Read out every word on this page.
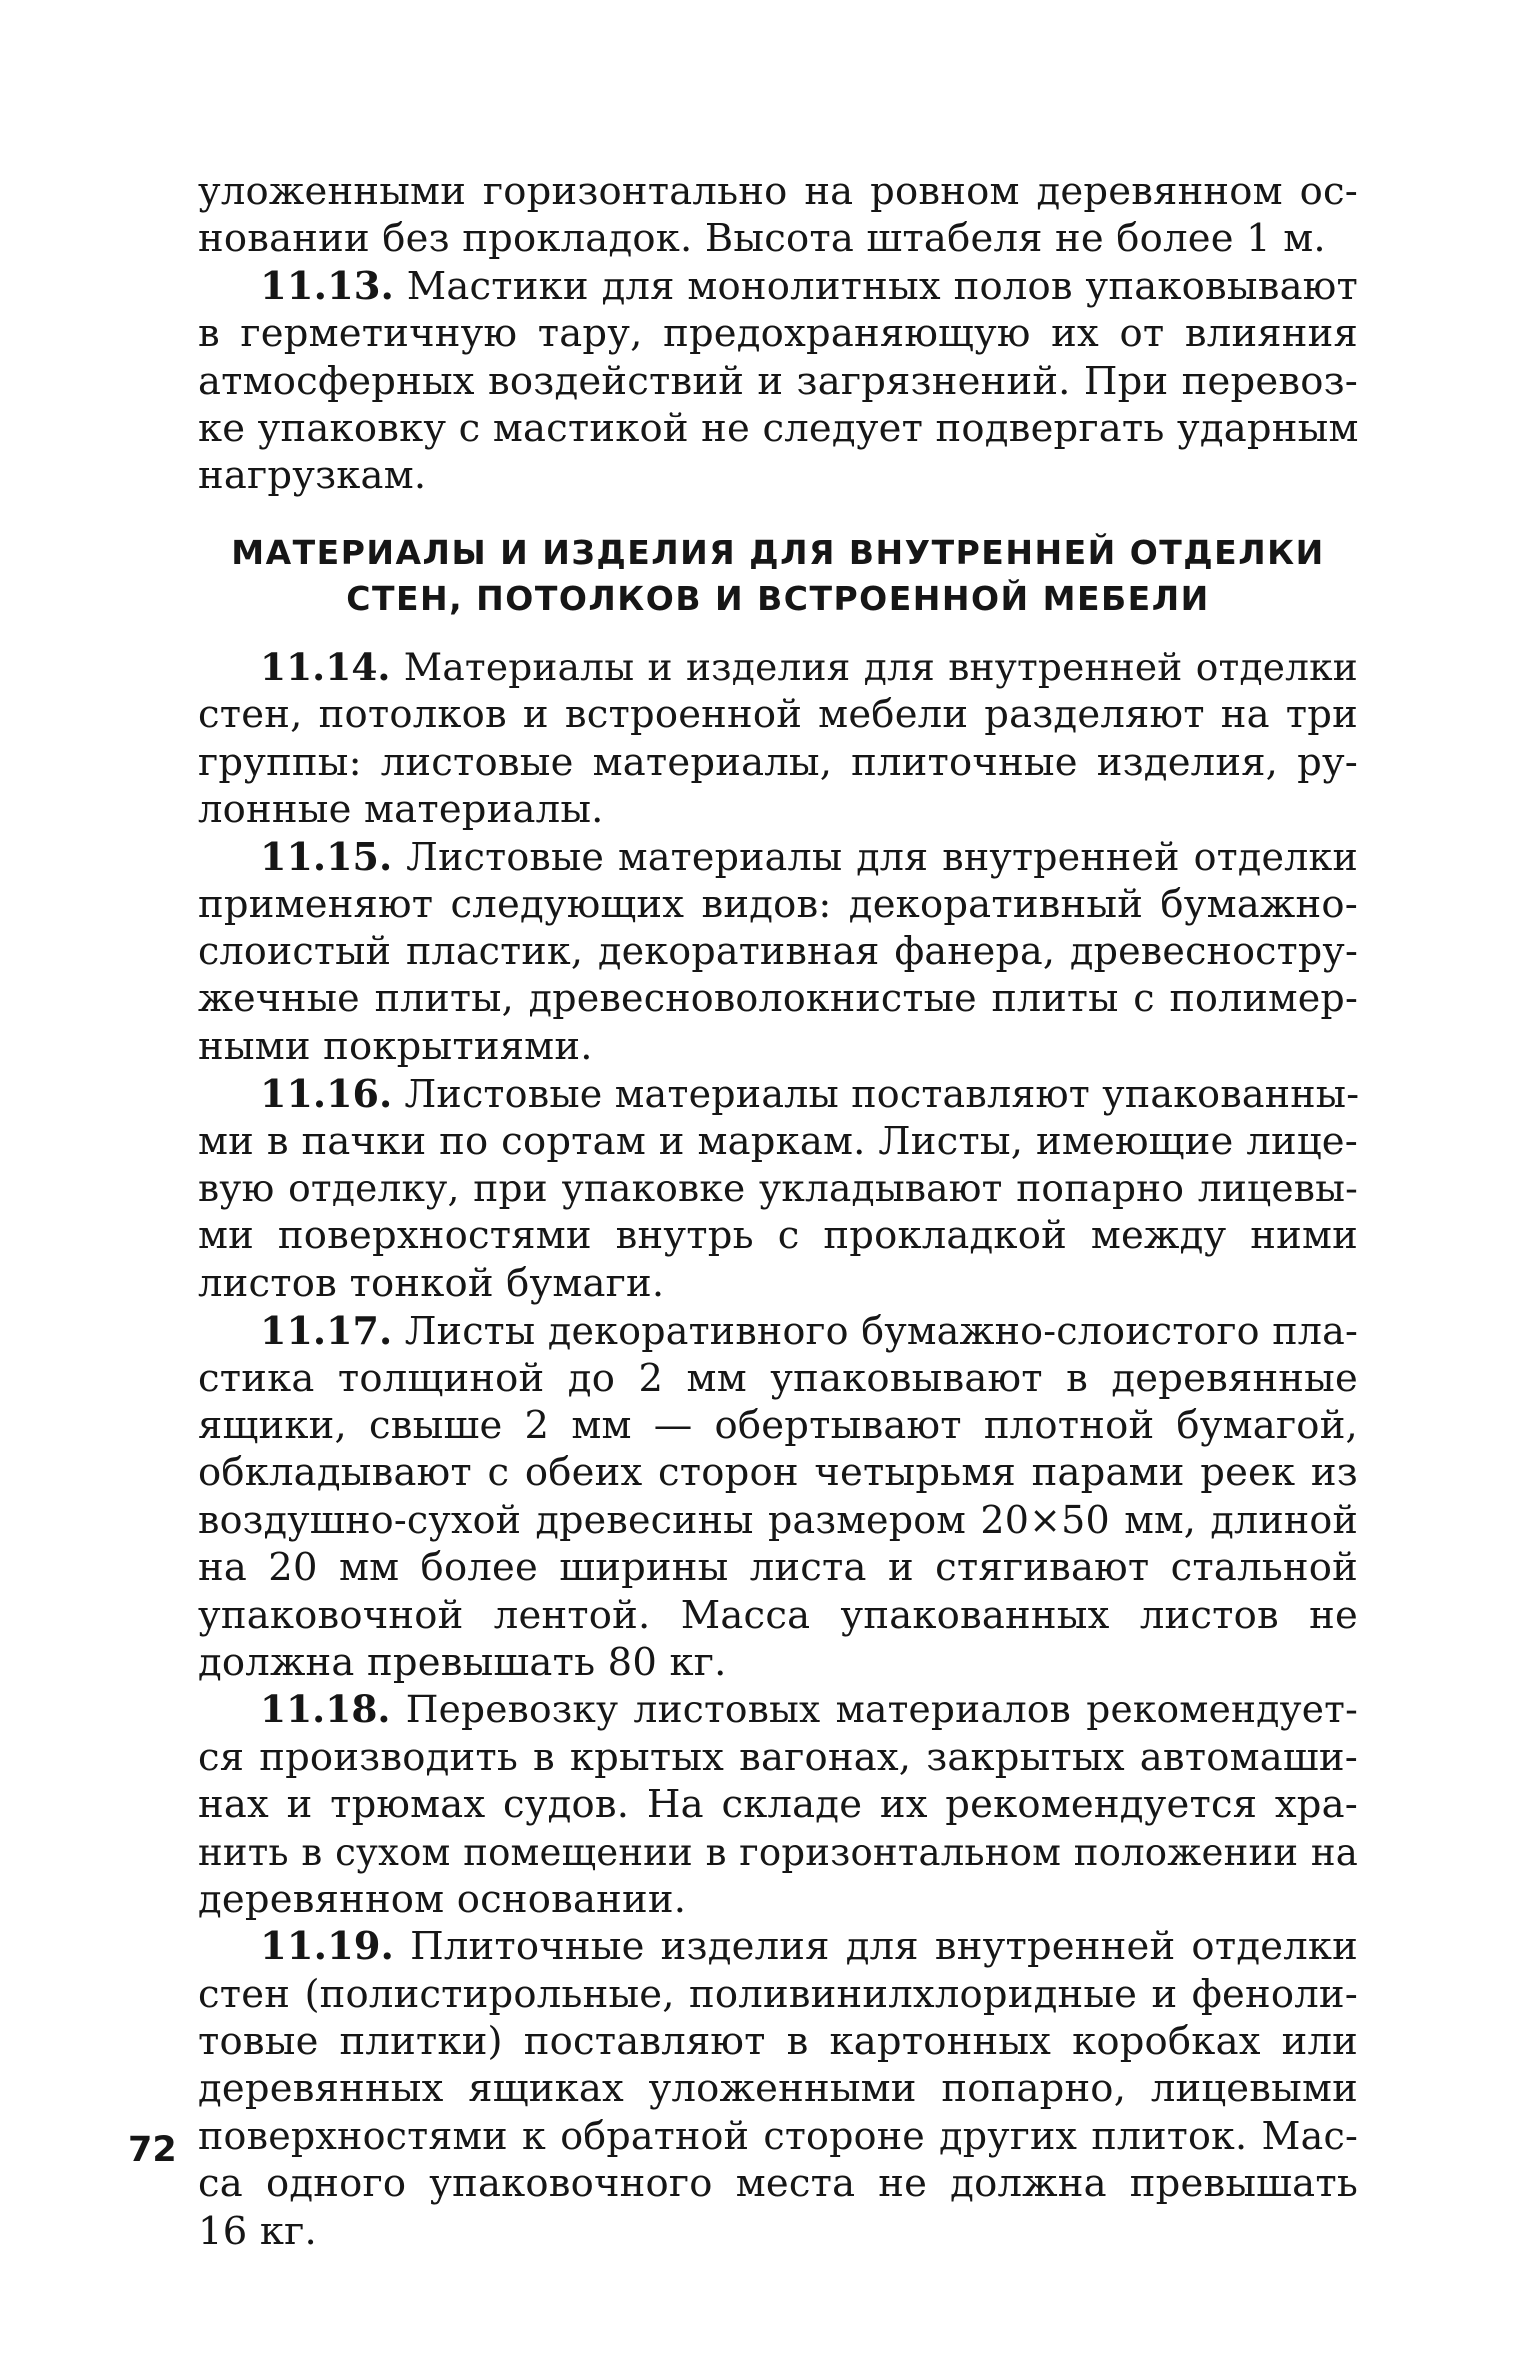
уложенными горизонтально на ровном деревянном ос-
новании без прокладок. Высота штабеля не более 1 м.
11.13. Мастики для монолитных полов упаковывают
в герметичную тару, предохраняющую их от влияния
атмосферных воздействий и загрязнений. При перевоз-
ке упаковку с мастикой не следует подвергать ударным
нагрузкам.
МАТЕРИАЛЫ И ИЗДЕЛИЯ ДЛЯ ВНУТРЕННЕЙ ОТДЕЛКИ
СТЕН, ПОТОЛКОВ И ВСТРОЕННОЙ МЕБЕЛИ
11.14. Материалы и изделия для внутренней отделки
стен, потолков и встроенной мебели разделяют на три
группы: листовые материалы, плиточные изделия, ру-
лонные материалы.
11.15. Листовые материалы для внутренней отделки
применяют следующих видов: декоративный бумажно-
слоистый пластик, декоративная фанера, древесностру-
жечные плиты, древесноволокнистые плиты с полимер-
ными покрытиями.
11.16. Листовые материалы поставляют упакованны-
ми в пачки по сортам и маркам. Листы, имеющие лице-
вую отделку, при упаковке укладывают попарно лицевы-
ми поверхностями внутрь с прокладкой между ними
листов тонкой бумаги.
11.17. Листы декоративного бумажно-слоистого пла-
стика толщиной до 2 мм упаковывают в деревянные
ящики, свыше 2 мм — обертывают плотной бумагой,
обкладывают с обеих сторон четырьмя парами реек из
воздушно-сухой древесины размером 20×50 мм, длиной
на 20 мм более ширины листа и стягивают стальной
упаковочной лентой. Масса упакованных листов не
должна превышать 80 кг.
11.18. Перевозку листовых материалов рекомендует-
ся производить в крытых вагонах, закрытых автомаши-
нах и трюмах судов. На складе их рекомендуется хра-
нить в сухом помещении в горизонтальном положении на
деревянном основании.
11.19. Плиточные изделия для внутренней отделки
стен (полистирольные, поливинилхлоридные и феноли-
товые плитки) поставляют в картонных коробках или
деревянных ящиках уложенными попарно, лицевыми
поверхностями к обратной стороне других плиток. Мас-
са одного упаковочного места не должна превышать
16 кг.
72
